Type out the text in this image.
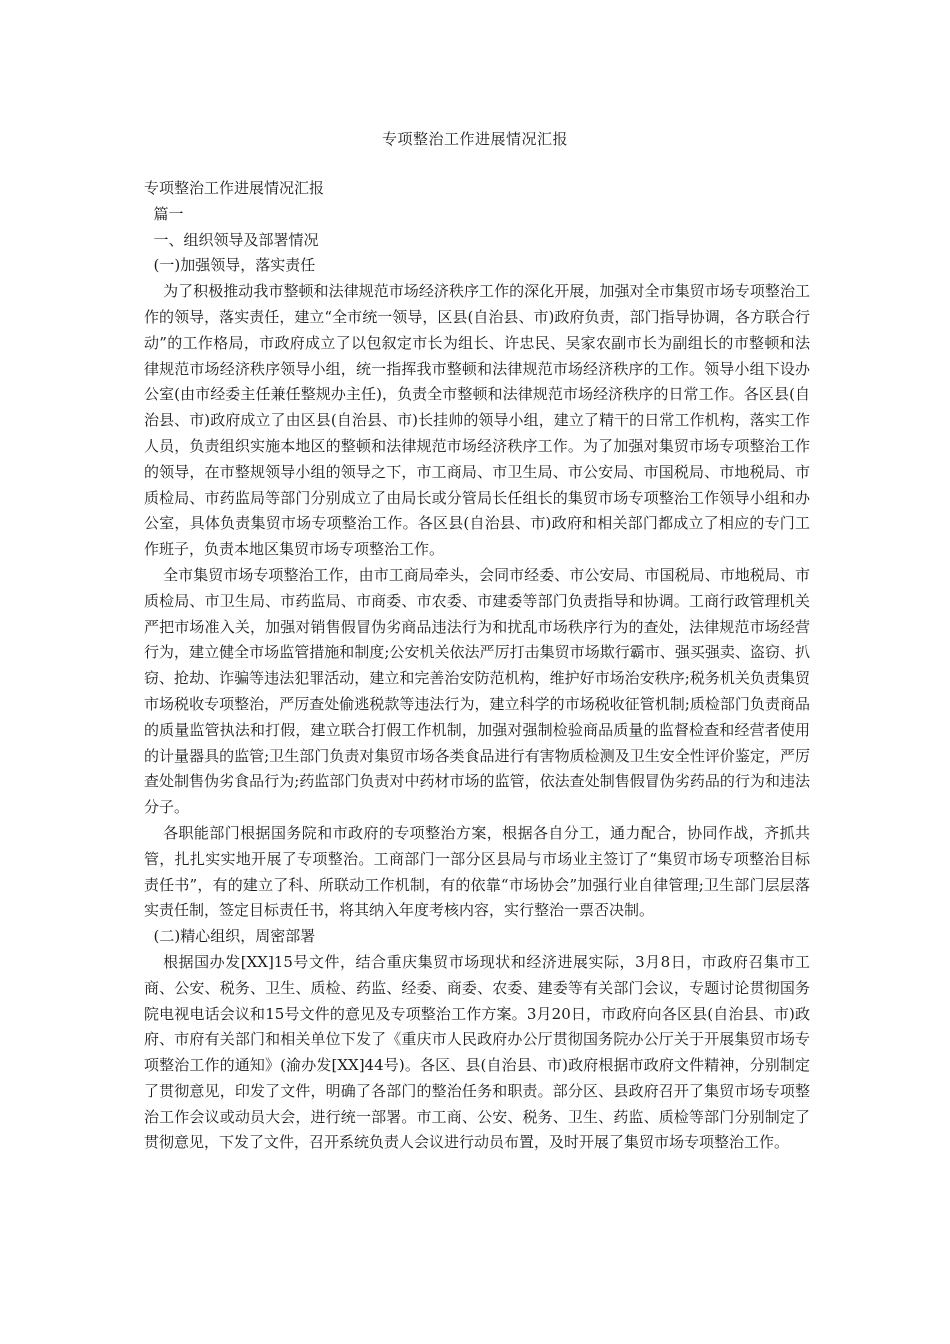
专项整治工作进展情况汇报

专项整治工作进展情况汇报

篇一

一、组织领导及部署情况

(一)加强领导，落实责任

为了积极推动我市整顿和法律规范市场经济秩序工作的深化开展，加强对全市集贸市场专项整治工作的领导，落实责任，建立“全市统一领导，区县(自治县、市)政府负责，部门指导协调，各方联合行动”的工作格局，市政府成立了以包叙定市长为组长、许忠民、吴家农副市长为副组长的市整顿和法律规范市场经济秩序领导小组，统一指挥我市整顿和法律规范市场经济秩序的工作。领导小组下设办公室(由市经委主任兼任整规办主任)，负责全市整顿和法律规范市场经济秩序的日常工作。各区县(自治县、市)政府成立了由区县(自治县、市)长挂帅的领导小组，建立了精干的日常工作机构，落实工作人员，负责组织实施本地区的整顿和法律规范市场经济秩序工作。为了加强对集贸市场专项整治工作的领导，在市整规领导小组的领导之下，市工商局、市卫生局、市公安局、市国税局、市地税局、市质检局、市药监局等部门分别成立了由局长或分管局长任组长的集贸市场专项整治工作领导小组和办公室，具体负责集贸市场专项整治工作。各区县(自治县、市)政府和相关部门都成立了相应的专门工作班子，负责本地区集贸市场专项整治工作。

全市集贸市场专项整治工作，由市工商局牵头，会同市经委、市公安局、市国税局、市地税局、市质检局、市卫生局、市药监局、市商委、市农委、市建委等部门负责指导和协调。工商行政管理机关严把市场准入关，加强对销售假冒伪劣商品违法行为和扰乱市场秩序行为的查处，法律规范市场经营行为，建立健全市场监管措施和制度;公安机关依法严厉打击集贸市场欺行霸市、强买强卖、盗窃、扒窃、抢劫、诈骗等违法犯罪活动，建立和完善治安防范机构，维护好市场治安秩序;税务机关负责集贸市场税收专项整治，严厉查处偷逃税款等违法行为，建立科学的市场税收征管机制;质检部门负责商品的质量监管执法和打假，建立联合打假工作机制，加强对强制检验商品质量的监督检查和经营者使用的计量器具的监管;卫生部门负责对集贸市场各类食品进行有害物质检测及卫生安全性评价鉴定，严厉查处制售伪劣食品行为;药监部门负责对中药材市场的监管，依法查处制售假冒伪劣药品的行为和违法分子。

各职能部门根据国务院和市政府的专项整治方案，根据各自分工，通力配合，协同作战，齐抓共管，扎扎实实地开展了专项整治。工商部门一部分区县局与市场业主签订了“集贸市场专项整治目标责任书”，有的建立了科、所联动工作机制，有的依靠“市场协会”加强行业自律管理;卫生部门层层落实责任制，签定目标责任书，将其纳入年度考核内容，实行整治一票否决制。

(二)精心组织，周密部署

根据国办发[XX]15号文件，结合重庆集贸市场现状和经济进展实际，3月8日，市政府召集市工商、公安、税务、卫生、质检、药监、经委、商委、农委、建委等有关部门会议，专题讨论贯彻国务院电视电话会议和15号文件的意见及专项整治工作方案。3月20日，市政府向各区县(自治县、市)政府、市府有关部门和相关单位下发了《重庆市人民政府办公厅贯彻国务院办公厅关于开展集贸市场专项整治工作的通知》(渝办发[XX]44号)。各区、县(自治县、市)政府根据市政府文件精神，分别制定了贯彻意见，印发了文件，明确了各部门的整治任务和职责。部分区、县政府召开了集贸市场专项整治工作会议或动员大会，进行统一部署。市工商、公安、税务、卫生、药监、质检等部门分别制定了贯彻意见，下发了文件，召开系统负责人会议进行动员布置，及时开展了集贸市场专项整治工作。
